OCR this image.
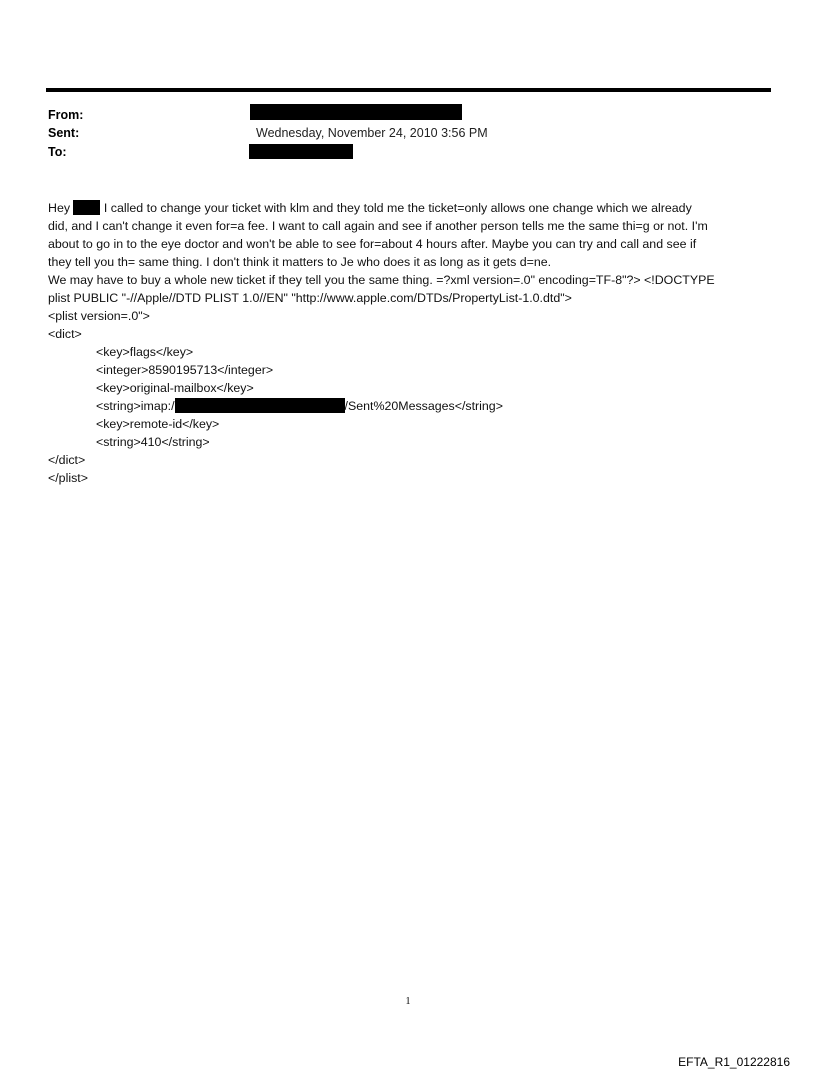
From:
Sent:	Wednesday, November 24, 2010 3:56 PM
To:

Hey  I called to change your ticket with klm and they told me the ticket=only allows one change which we already

did, and I can't change it even for=a fee. I want to call again and see if another person tells me the same thi=g or not. I'm

about to go in to the eye doctor and won't be able to see for=about 4 hours after. Maybe you can try and call and see if

they tell you th= same thing. I don't think it matters to Je who does it as long as it gets d=ne.

We may have to buy a whole new ticket if they tell you the same thing. =?xml version=.0" encoding=TF-8"?> <!DOCTYPE

plist PUBLIC "-//Apple//DTD PLIST 1.0//EN" "http://www.apple.com/DTDs/PropertyList-1.0.dtd">

<plist version=.0">

<dict>

<key>flags</key>

<integer>8590195713</integer>

<key>original-mailbox</key>

<string>imap:/	/Sent%20Messages</string>

<key>remote-id</key>

<string>410</string>

</dict>

</plist>

1
EFTA_R1_01222816
